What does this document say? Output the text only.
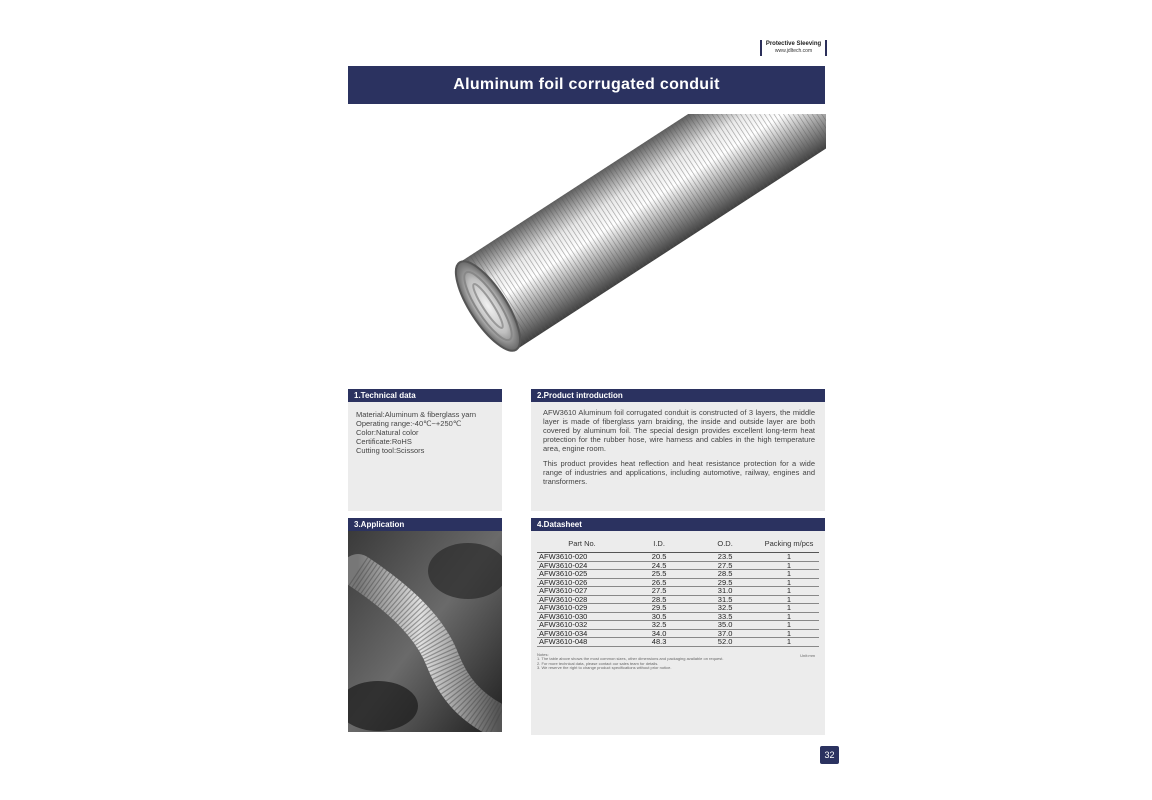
Protective Sleeving
www.jdltech.com
Aluminum foil corrugated conduit
1.Technical data
Material:Aluminum & fiberglass yarn
Operating range:-40℃~+250℃
Color:Natural color
Certificate:RoHS
Cutting tool:Scissors
2.Product introduction

AFW3610 Aluminum foil corrugated conduit is constructed of 3 layers, the middle layer is made of fiberglass yarn braiding, the inside and outside layer are both covered by aluminum foil. The special design provides excellent long-term heat protection for the rubber hose, wire harness and cables in the high temperature area, engine room.

This product provides heat reflection and heat resistance protection for a wide range of industries and applications, including automotive, railway, engines and transformers.

3.Application	4.Datasheet
Part No.	I.D.	O.D.	Packing m/pcs
AFW3610-020	20.5	23.5	1
AFW3610-024	24.5	27.5	1
AFW3610-025	25.5	28.5	1
AFW3610-026	26.5	29.5	1
AFW3610-027	27.5	31.0	1
AFW3610-028	28.5	31.5	1
AFW3610-029	29.5	32.5	1
AFW3610-030	30.5	33.5	1
AFW3610-032	32.5	35.0	1
AFW3610-034	34.0	37.0	1
AFW3610-048	48.3	52.0	1
Unit:mm
Notes:
1. The table above shows the most common sizes, other dimensions and packaging available on request.
2. For more technical data, please contact our sales team for details.
3. We reserve the right to change product specifications without prior notice.
32
